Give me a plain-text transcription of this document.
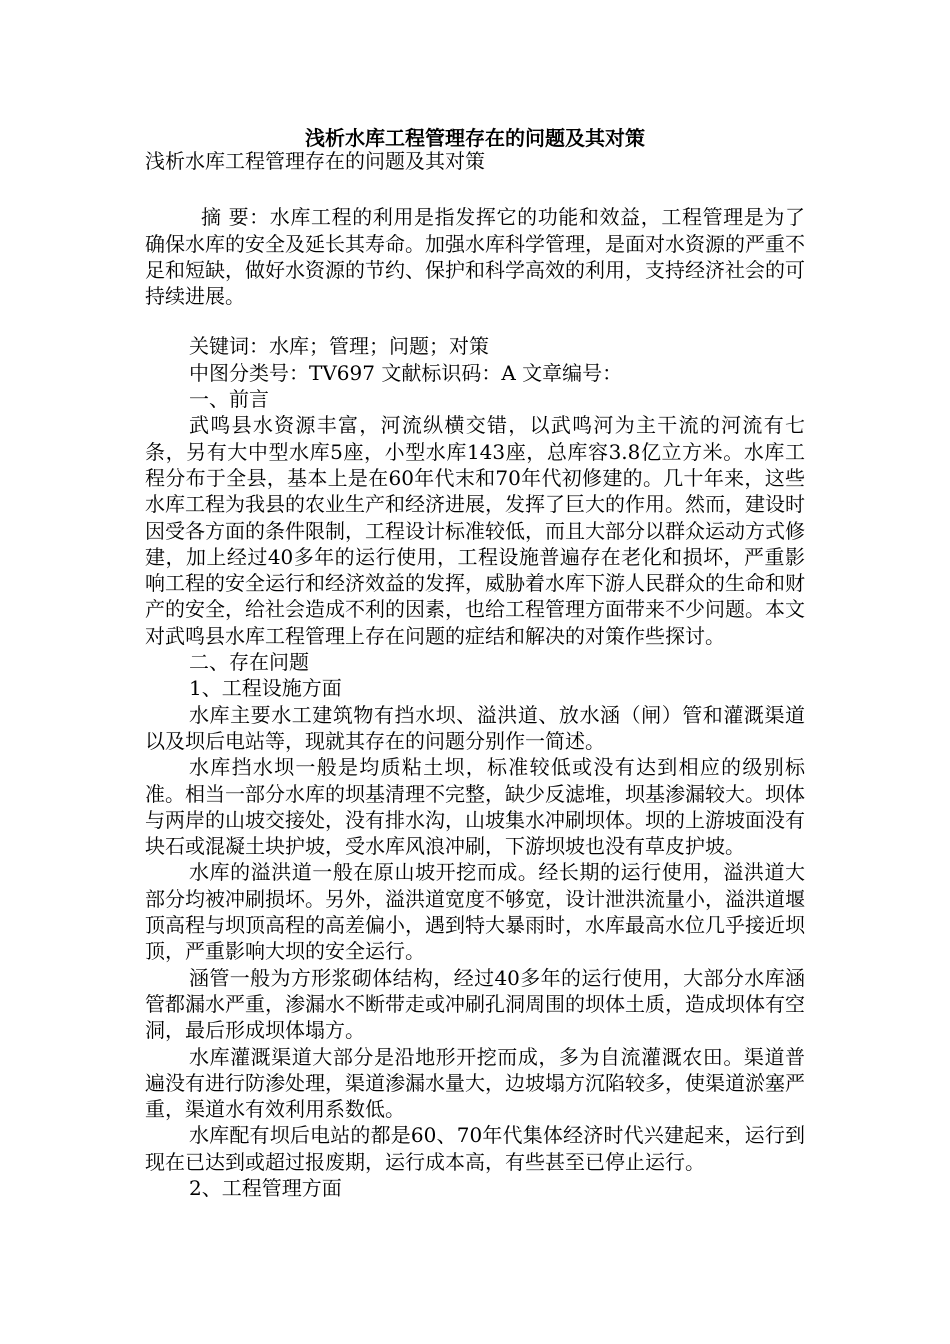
浅析水库工程管理存在的问题及其对策

浅析水库工程管理存在的问题及其对策

摘 要：水库工程的利用是指发挥它的功能和效益，工程管理是为了确保水库的安全及延长其寿命。加强水库科学管理，是面对水资源的严重不足和短缺，做好水资源的节约、保护和科学高效的利用，支持经济社会的可持续进展。

关键词：水库；管理；问题；对策

中图分类号：TV697 文献标识码：A 文章编号：

一、前言

武鸣县水资源丰富，河流纵横交错，以武鸣河为主干流的河流有七条，另有大中型水库5座，小型水库143座，总库容3.8亿立方米。水库工程分布于全县，基本上是在60年代末和70年代初修建的。几十年来，这些水库工程为我县的农业生产和经济进展，发挥了巨大的作用。然而，建设时因受各方面的条件限制，工程设计标准较低，而且大部分以群众运动方式修建，加上经过40多年的运行使用，工程设施普遍存在老化和损坏，严重影响工程的安全运行和经济效益的发挥，威胁着水库下游人民群众的生命和财产的安全，给社会造成不利的因素，也给工程管理方面带来不少问题。本文对武鸣县水库工程管理上存在问题的症结和解决的对策作些探讨。

二、存在问题

1、工程设施方面

水库主要水工建筑物有挡水坝、溢洪道、放水涵（闸）管和灌溉渠道以及坝后电站等，现就其存在的问题分别作一简述。

水库挡水坝一般是均质粘土坝，标准较低或没有达到相应的级别标准。相当一部分水库的坝基清理不完整，缺少反滤堆，坝基渗漏较大。坝体与两岸的山坡交接处，没有排水沟，山坡集水冲刷坝体。坝的上游坡面没有块石或混凝土块护坡，受水库风浪冲刷，下游坝坡也没有草皮护坡。

水库的溢洪道一般在原山坡开挖而成。经长期的运行使用，溢洪道大部分均被冲刷损坏。另外，溢洪道宽度不够宽，设计泄洪流量小，溢洪道堰顶高程与坝顶高程的高差偏小，遇到特大暴雨时，水库最高水位几乎接近坝顶，严重影响大坝的安全运行。

涵管一般为方形浆砌体结构，经过40多年的运行使用，大部分水库涵管都漏水严重，渗漏水不断带走或冲刷孔洞周围的坝体土质，造成坝体有空洞，最后形成坝体塌方。

水库灌溉渠道大部分是沿地形开挖而成，多为自流灌溉农田。渠道普遍没有进行防渗处理，渠道渗漏水量大，边坡塌方沉陷较多，使渠道淤塞严重，渠道水有效利用系数低。

水库配有坝后电站的都是60、70年代集体经济时代兴建起来，运行到现在已达到或超过报废期，运行成本高，有些甚至已停止运行。

2、工程管理方面
